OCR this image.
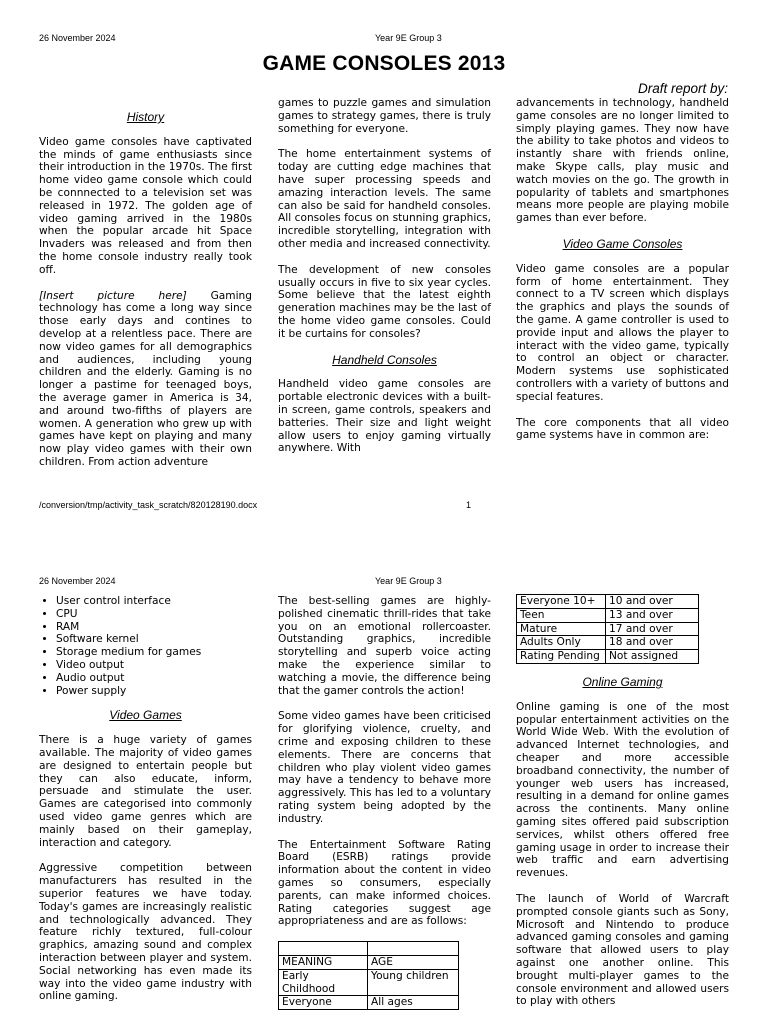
26 November 2024	Year 9E Group 3
GAME CONSOLES 2013
Draft report by:
History

Video game consoles have captivated the minds of game enthusiasts since their introduction in the 1970s. The first home video game console which could be connnected to a television set was released in 1972. The golden age of video gaming arrived in the 1980s when the popular arcade hit Space Invaders was released and from then the home console industry really took off.

[Insert picture here] Gaming technology has come a long way since those early days and contines to develop at a relentless pace. There are now video games for all demographics and audiences, including young children and the elderly. Gaming is no longer a pastime for teenaged boys, the average gamer in America is 34, and around two-fifths of players are women. A generation who grew up with games have kept on playing and many now play video games with their own children. From action adventure

games to puzzle games and simulation games to strategy games, there is truly something for everyone.

The home entertainment systems of today are cutting edge machines that have super processing speeds and amazing interaction levels. The same can also be said for handheld consoles. All consoles focus on stunning graphics, incredible storytelling, integration with other media and increased connectivity.

The development of new consoles usually occurs in five to six year cycles. Some believe that the latest eighth generation machines may be the last of the home video game consoles. Could it be curtains for consoles?

Handheld Consoles

Handheld video game consoles are portable electronic devices with a built-in screen, game controls, speakers and batteries. Their size and light weight allow users to enjoy gaming virtually anywhere. With

advancements in technology, handheld game consoles are no longer limited to simply playing games. They now have the ability to take photos and videos to instantly share with friends online, make Skype calls, play music and watch movies on the go. The growth in popularity of tablets and smartphones means more people are playing mobile games than ever before.

Video Game Consoles

Video game consoles are a popular form of home entertainment. They connect to a TV screen which displays the graphics and plays the sounds of the game. A game controller is used to provide input and allows the player to interact with the video game, typically to control an object or character. Modern systems use sophisticated controllers with a variety of buttons and special features.

The core components that all video game systems have in common are:

/conversion/tmp/activity_task_scratch/820128190.docx	1
26 November 2024	Year 9E Group 3
• User control interface
• CPU
• RAM
• Software kernel
• Storage medium for games
• Video output
• Audio output
• Power supply
Video Games

There is a huge variety of games available. The majority of video games are designed to entertain people but they can also educate, inform, persuade and stimulate the user. Games are categorised into commonly used video game genres which are mainly based on their gameplay, interaction and category.

Aggressive competition between manufacturers has resulted in the superior features we have today. Today's games are increasingly realistic and technologically advanced. They feature richly textured, full-colour graphics, amazing sound and complex interaction between player and system. Social networking has even made its way into the video game industry with online gaming.

The best-selling games are highly-polished cinematic thrill-rides that take you on an emotional rollercoaster. Outstanding graphics, incredible storytelling and superb voice acting make the experience similar to watching a movie, the difference being that the gamer controls the action!

Some video games have been criticised for glorifying violence, cruelty, and crime and exposing children to these elements. There are concerns that children who play violent video games may have a tendency to behave more aggressively. This has led to a voluntary rating system being adopted by the industry.

The Entertainment Software Rating Board (ESRB) ratings provide information about the content in video games so consumers, especially parents, can make informed choices. Rating categories suggest age appropriateness and are as follows:

MEANING	AGE
Early Childhood	Young children
Everyone	All ages
Everyone 10+	10 and over
Teen	13 and over
Mature	17 and over
Adults Only	18 and over
Rating Pending	Not assigned
Online Gaming

Online gaming is one of the most popular entertainment activities on the World Wide Web. With the evolution of advanced Internet technologies, and cheaper and more accessible broadband connectivity, the number of younger web users has increased, resulting in a demand for online games across the continents. Many online gaming sites offered paid subscription services, whilst others offered free gaming usage in order to increase their web traffic and earn advertising revenues.

The launch of World of Warcraft prompted console giants such as Sony, Microsoft and Nintendo to produce advanced gaming consoles and gaming software that allowed users to play against one another online. This brought multi-player games to the console environment and allowed users to play with others
